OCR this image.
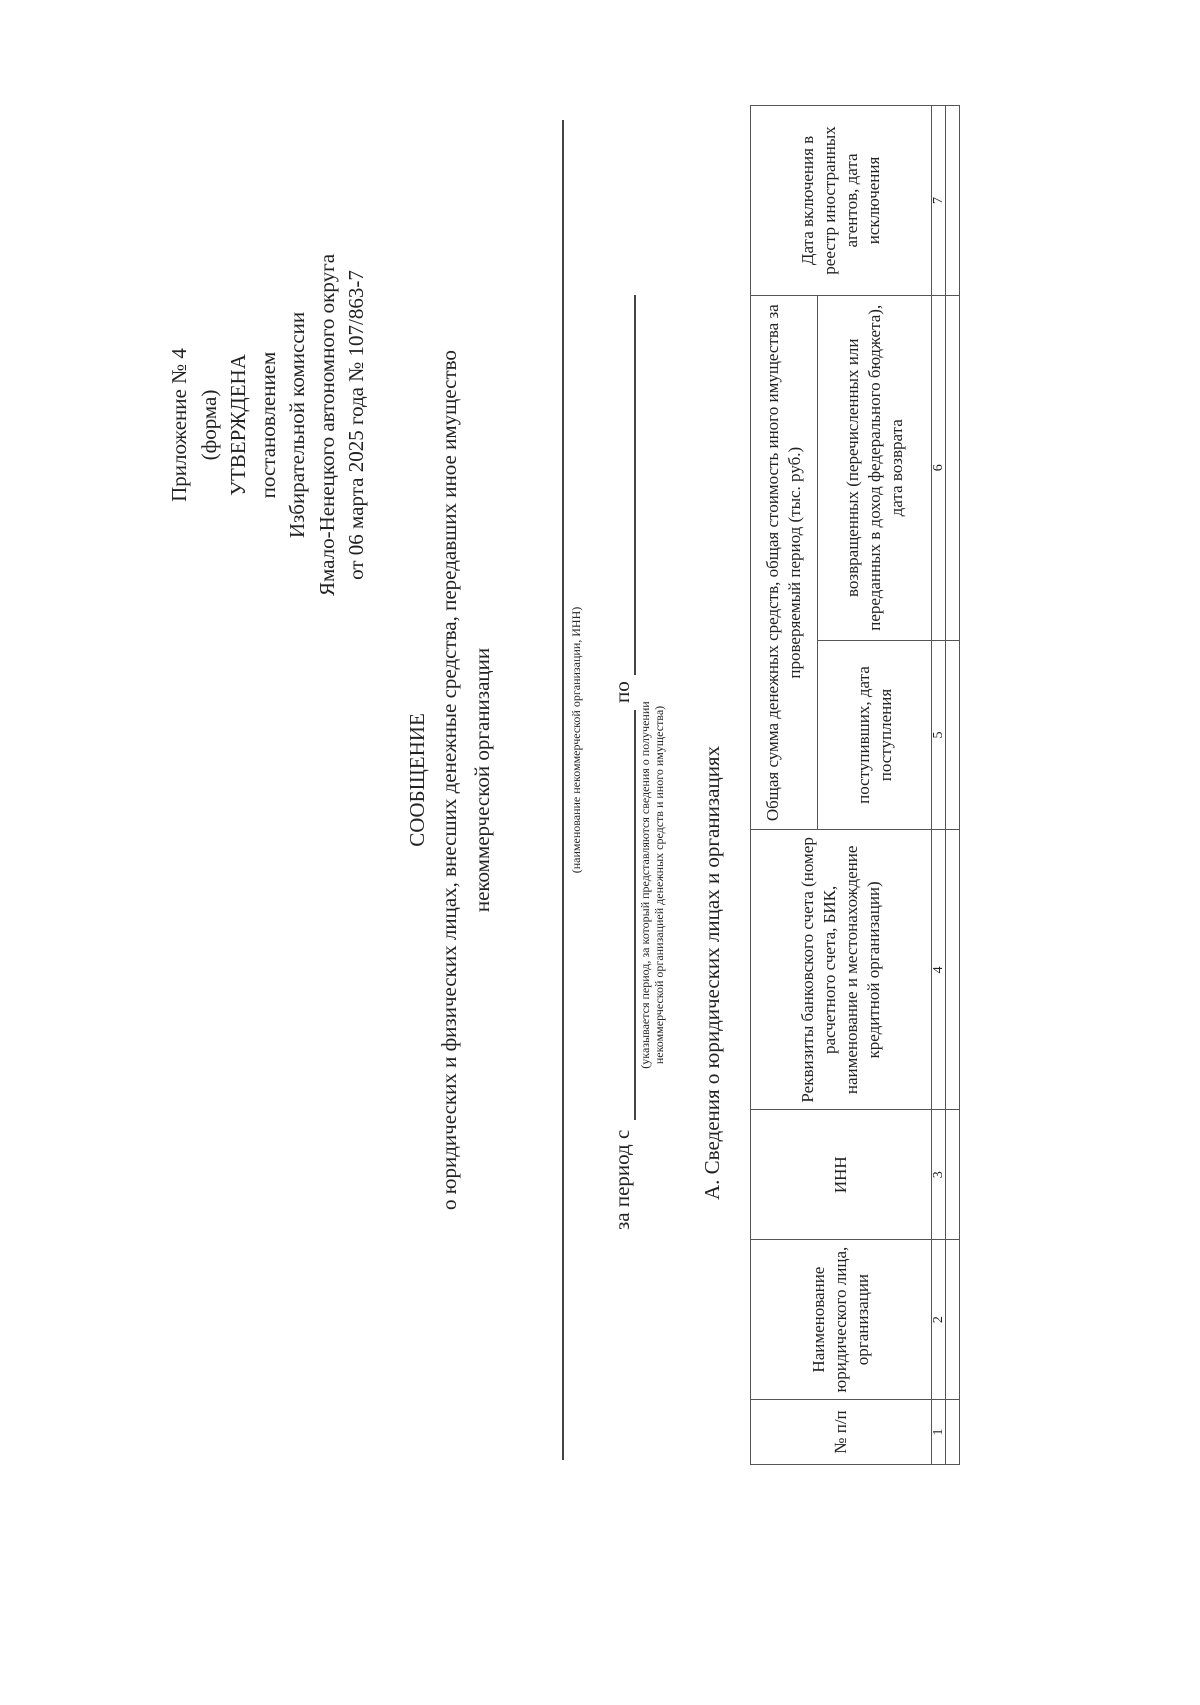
Приложение № 4 (форма) УТВЕРЖДЕНА постановлением Избирательной комиссии Ямало-Ненецкого автономного округа от 06 марта 2025 года № 107/863-7
СООБЩЕНИЕ о юридических и физических лицах, внесших денежные средства, передавших иное имущество некоммерческой организации	(наименование некоммерческой организации, ИНН)
за период с
по
(указывается период, за который представляются сведения о получении некоммерческой организацией денежных средств и иного имущества) А. Сведения о юридических лицах и организациях
№ п/п	Наименование юридического лица, организации	ИНН	Реквизиты банковского счета (номер расчетного счета, БИК, наименование и местонахождение кредитной организации)	Общая сумма денежных средств, общая стоимость иного имущества за проверяемый период (тыс. руб.)		Дата включения в реестр иностранных агентов, дата исключения
				поступивших, дата поступления	возвращенных (перечисленных или переданных в доход федерального бюджета), дата возврата	
1	2	3	4	5	6	7
